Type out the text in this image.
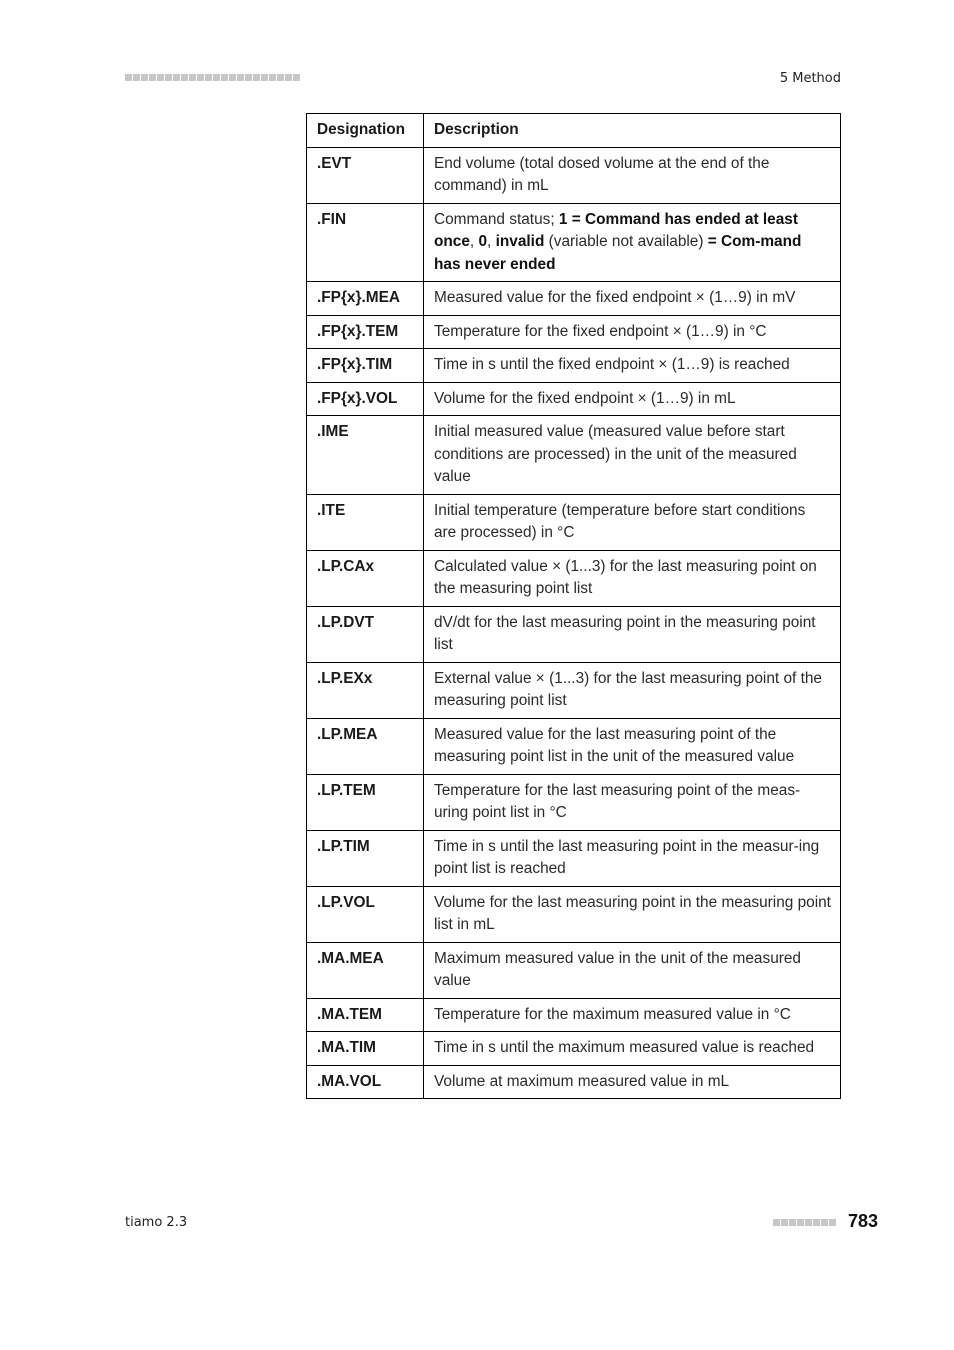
5 Method
Designation	Description
.EVT	End volume (total dosed volume at the end of the command) in mL
.FIN	Command status; 1 = Command has ended at least once, 0, invalid (variable not available) = Com-mand has never ended
.FP{x}.MEA	Measured value for the fixed endpoint × (1…9) in mV
.FP{x}.TEM	Temperature for the fixed endpoint × (1…9) in °C
.FP{x}.TIM	Time in s until the fixed endpoint × (1…9) is reached
.FP{x}.VOL	Volume for the fixed endpoint × (1…9) in mL
.IME	Initial measured value (measured value before start conditions are processed) in the unit of the measured value
.ITE	Initial temperature (temperature before start conditions are processed) in °C
.LP.CAx	Calculated value × (1...3) for the last measuring point on the measuring point list
.LP.DVT	dV/dt for the last measuring point in the measuring point list
.LP.EXx	External value × (1...3) for the last measuring point of the measuring point list
.LP.MEA	Measured value for the last measuring point of the measuring point list in the unit of the measured value
.LP.TEM	Temperature for the last measuring point of the meas-uring point list in °C
.LP.TIM	Time in s until the last measuring point in the measur-ing point list is reached
.LP.VOL	Volume for the last measuring point in the measuring point list in mL
.MA.MEA	Maximum measured value in the unit of the measured value
.MA.TEM	Temperature for the maximum measured value in °C
.MA.TIM	Time in s until the maximum measured value is reached
.MA.VOL	Volume at maximum measured value in mL
tiamo 2.3	783
